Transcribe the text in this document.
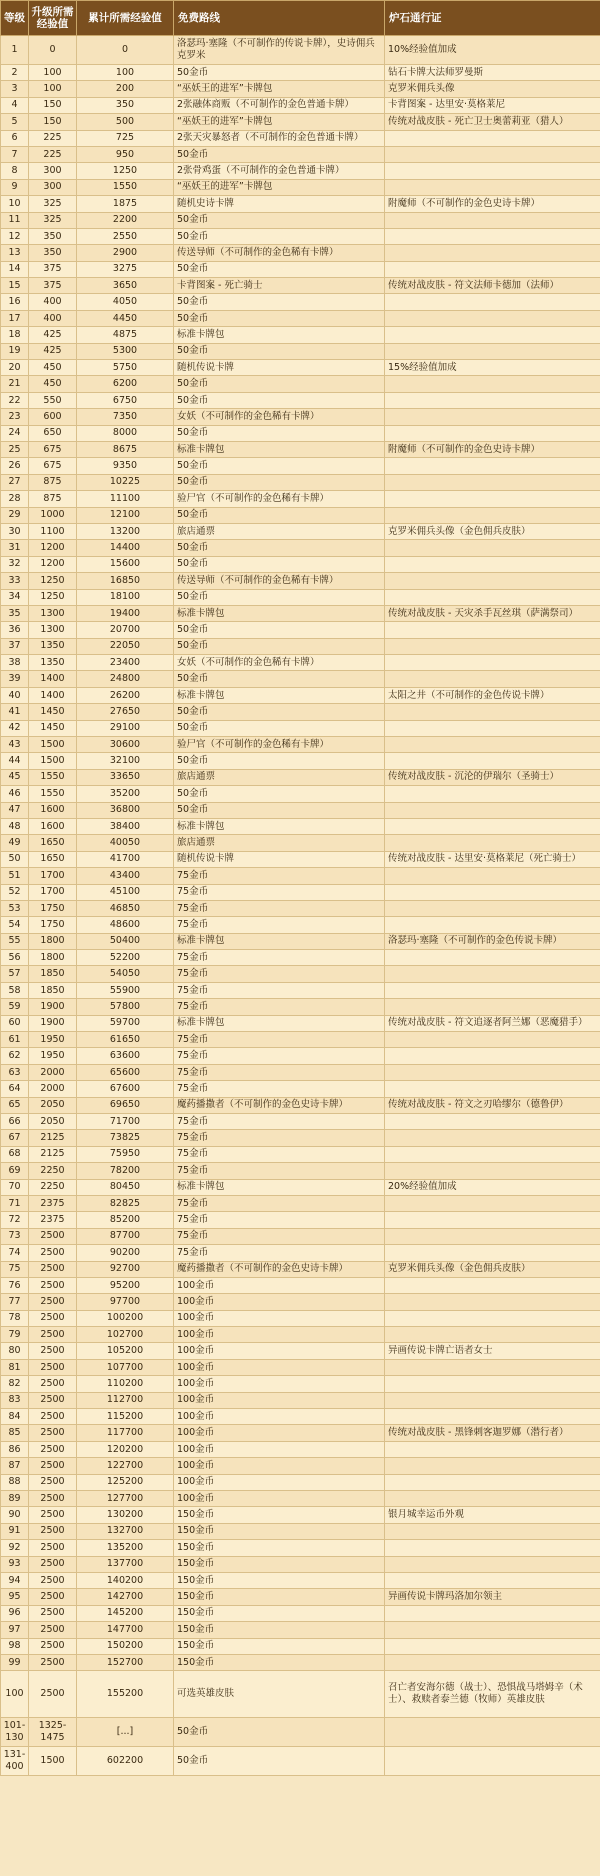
等级	升级所需经验值	累计所需经验值	免费路线	炉石通行证
1	0	0	洛瑟玛·塞隆（不可制作的传说卡牌），史诗佣兵克罗米	10%经验值加成
2	100	100	50金币	钻石卡牌大法师罗曼斯
3	100	200	“巫妖王的进军”卡牌包	克罗米佣兵头像
4	150	350	2张融体商贩（不可制作的金色普通卡牌）	卡背图案 - 达里安·莫格莱尼
5	150	500	“巫妖王的进军”卡牌包	传统对战皮肤 - 死亡卫士奥蕾莉亚（猎人）
6	225	725	2张天灾暴怒者（不可制作的金色普通卡牌）	
7	225	950	50金币	
8	300	1250	2张骨鸡蛋（不可制作的金色普通卡牌）	
9	300	1550	“巫妖王的进军”卡牌包	
10	325	1875	随机史诗卡牌	附魔师（不可制作的金色史诗卡牌）
11	325	2200	50金币	
12	350	2550	50金币	
13	350	2900	传送导师（不可制作的金色稀有卡牌）	
14	375	3275	50金币	
15	375	3650	卡背图案 - 死亡骑士	传统对战皮肤 - 符文法师卡德加（法师）
16	400	4050	50金币	
17	400	4450	50金币	
18	425	4875	标准卡牌包	
19	425	5300	50金币	
20	450	5750	随机传说卡牌	15%经验值加成
21	450	6200	50金币	
22	550	6750	50金币	
23	600	7350	女妖（不可制作的金色稀有卡牌）	
24	650	8000	50金币	
25	675	8675	标准卡牌包	附魔师（不可制作的金色史诗卡牌）
26	675	9350	50金币	
27	875	10225	50金币	
28	875	11100	验尸官（不可制作的金色稀有卡牌）	
29	1000	12100	50金币	
30	1100	13200	旅店通票	克罗米佣兵头像（金色佣兵皮肤）
31	1200	14400	50金币	
32	1200	15600	50金币	
33	1250	16850	传送导师（不可制作的金色稀有卡牌）	
34	1250	18100	50金币	
35	1300	19400	标准卡牌包	传统对战皮肤 - 天灾杀手瓦丝琪（萨满祭司）
36	1300	20700	50金币	
37	1350	22050	50金币	
38	1350	23400	女妖（不可制作的金色稀有卡牌）	
39	1400	24800	50金币	
40	1400	26200	标准卡牌包	太阳之井（不可制作的金色传说卡牌）
41	1450	27650	50金币	
42	1450	29100	50金币	
43	1500	30600	验尸官（不可制作的金色稀有卡牌）	
44	1500	32100	50金币	
45	1550	33650	旅店通票	传统对战皮肤 - 沉沦的伊瑞尔（圣骑士）
46	1550	35200	50金币	
47	1600	36800	50金币	
48	1600	38400	标准卡牌包	
49	1650	40050	旅店通票	
50	1650	41700	随机传说卡牌	传统对战皮肤 - 达里安·莫格莱尼（死亡骑士）
51	1700	43400	75金币	
52	1700	45100	75金币	
53	1750	46850	75金币	
54	1750	48600	75金币	
55	1800	50400	标准卡牌包	洛瑟玛·塞隆（不可制作的金色传说卡牌）
56	1800	52200	75金币	
57	1850	54050	75金币	
58	1850	55900	75金币	
59	1900	57800	75金币	
60	1900	59700	标准卡牌包	传统对战皮肤 - 符文追逐者阿兰娜（恶魔猎手）
61	1950	61650	75金币	
62	1950	63600	75金币	
63	2000	65600	75金币	
64	2000	67600	75金币	
65	2050	69650	魔药播撒者（不可制作的金色史诗卡牌）	传统对战皮肤 - 符文之刃哈缪尔（德鲁伊）
66	2050	71700	75金币	
67	2125	73825	75金币	
68	2125	75950	75金币	
69	2250	78200	75金币	
70	2250	80450	标准卡牌包	20%经验值加成
71	2375	82825	75金币	
72	2375	85200	75金币	
73	2500	87700	75金币	
74	2500	90200	75金币	
75	2500	92700	魔药播撒者（不可制作的金色史诗卡牌）	克罗米佣兵头像（金色佣兵皮肤）
76	2500	95200	100金币	
77	2500	97700	100金币	
78	2500	100200	100金币	
79	2500	102700	100金币	
80	2500	105200	100金币	异画传说卡牌亡语者女士
81	2500	107700	100金币	
82	2500	110200	100金币	
83	2500	112700	100金币	
84	2500	115200	100金币	
85	2500	117700	100金币	传统对战皮肤 - 黑锋刺客迦罗娜（潜行者）
86	2500	120200	100金币	
87	2500	122700	100金币	
88	2500	125200	100金币	
89	2500	127700	100金币	
90	2500	130200	150金币	银月城幸运币外观
91	2500	132700	150金币	
92	2500	135200	150金币	
93	2500	137700	150金币	
94	2500	140200	150金币	
95	2500	142700	150金币	异画传说卡牌玛洛加尔领主
96	2500	145200	150金币	
97	2500	147700	150金币	
98	2500	150200	150金币	
99	2500	152700	150金币	
100	2500	155200	可选英雄皮肤	召亡者安海尔德（战士）、恐惧战马塔姆辛（术士）、救赎者泰兰德（牧师）英雄皮肤
101-130	1325-1475	[...]	50金币	
131-400	1500	602200	50金币	
